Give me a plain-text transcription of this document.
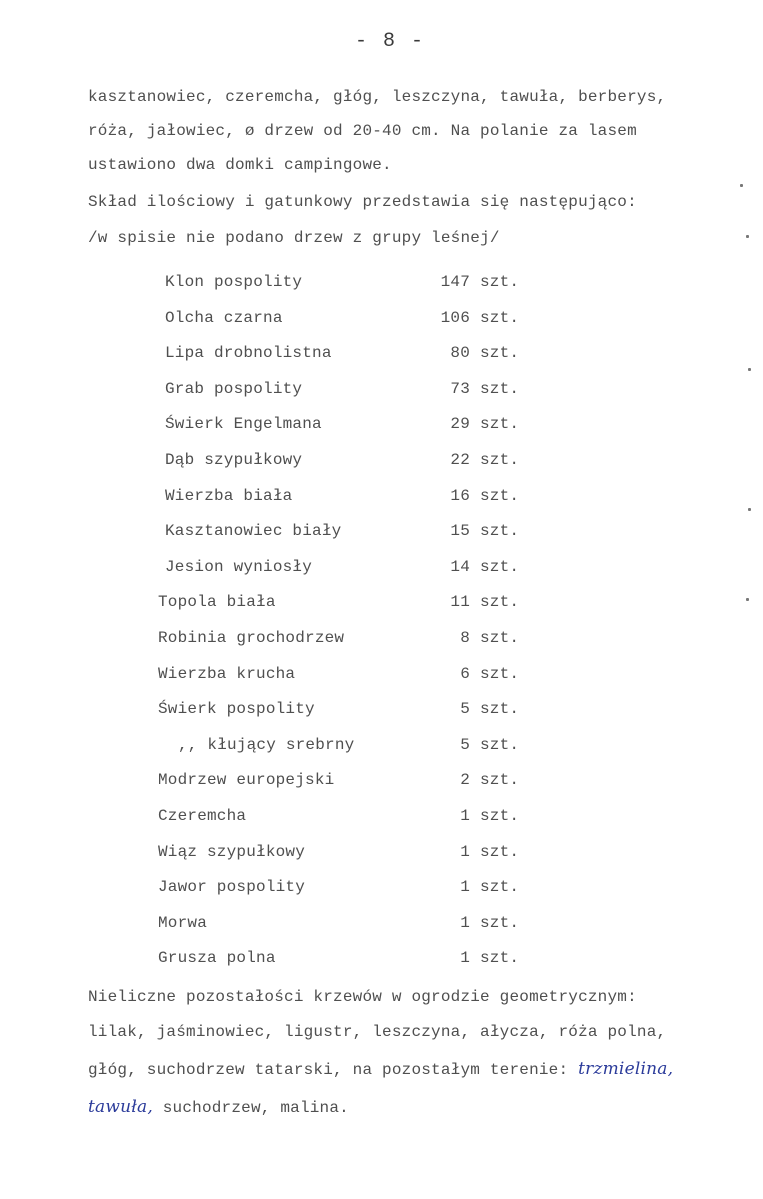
- 8 -
kasztanowiec, czeremcha, głóg, leszczyna, tawuła, berberys,
róża, jałowiec, ø drzew od 20-40 cm. Na polanie za lasem
ustawiono dwa domki campingowe.
Skład ilościowy i gatunkowy przedstawia się następująco:
/w spisie nie podano drzew z grupy leśnej/
Klon pospolity	147 szt.
Olcha czarna	106 szt.
Lipa drobnolistna	80 szt.
Grab pospolity	73 szt.
Świerk Engelmana	29 szt.
Dąb szypułkowy	22 szt.
Wierzba biała	16 szt.
Kasztanowiec biały	15 szt.
Jesion wyniosły	14 szt.
Topola biała	11 szt.
Robinia grochodrzew	8 szt.
Wierzba krucha	6 szt.
Świerk pospolity	5 szt.
,, kłujący srebrny	5 szt.
Modrzew europejski	2 szt.
Czeremcha	1 szt.
Wiąz szypułkowy	1 szt.
Jawor pospolity	1 szt.
Morwa	1 szt.
Grusza polna	1 szt.
Nieliczne pozostałości krzewów w ogrodzie geometrycznym:
lilak, jaśminowiec, ligustr, leszczyna, ałycza, róża polna,
głóg, suchodrzew tatarski, na pozostałym terenie: trzmielina,
tawuła, suchodrzew, malina.
